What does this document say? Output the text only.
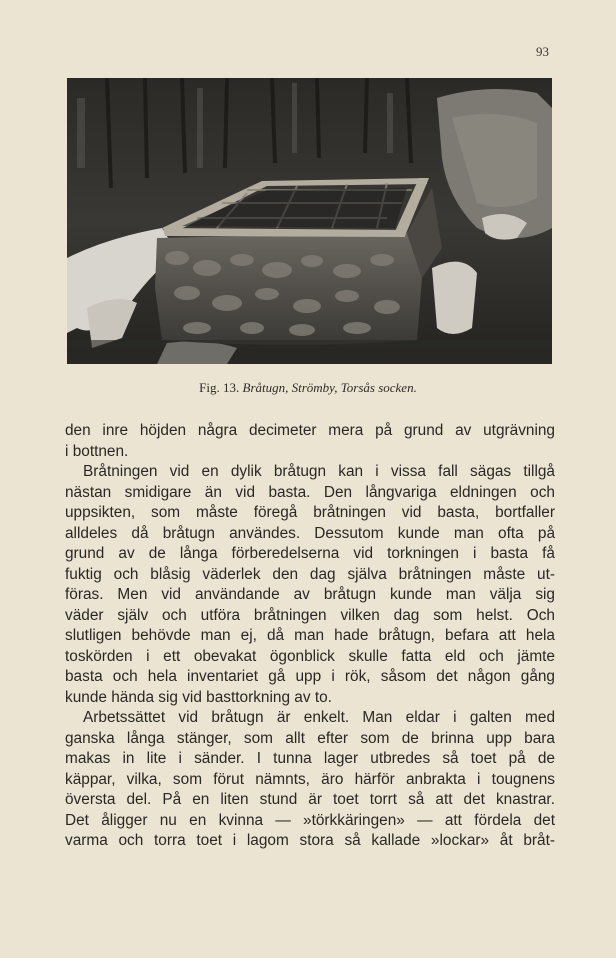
93
Fig. 13. Bråtugn, Strömby, Torsås socken.
den inre höjden några decimeter mera på grund av utgrävning
i bottnen.
Bråtningen vid en dylik bråtugn kan i vissa fall sägas tillgå
nästan smidigare än vid basta. Den långvariga eldningen och
uppsikten, som måste föregå bråtningen vid basta, bortfaller
alldeles då bråtugn användes. Dessutom kunde man ofta på
grund av de långa förberedelserna vid torkningen i basta få
fuktig och blåsig väderlek den dag själva bråtningen måste ut-
föras. Men vid användande av bråtugn kunde man välja sig
väder själv och utföra bråtningen vilken dag som helst. Och
slutligen behövde man ej, då man hade bråtugn, befara att hela
toskörden i ett obevakat ögonblick skulle fatta eld och jämte
basta och hela inventariet gå upp i rök, såsom det någon gång
kunde hända sig vid basttorkning av to.
Arbetssättet vid bråtugn är enkelt. Man eldar i galten med
ganska långa stänger, som allt efter som de brinna upp bara
makas in lite i sänder. I tunna lager utbredes så toet på de
käppar, vilka, som förut nämnts, äro härför anbrakta i tougnens
översta del. På en liten stund är toet torrt så att det knastrar.
Det åligger nu en kvinna — »törkkäringen» — att fördela det
varma och torra toet i lagom stora så kallade »lockar» åt bråt-
